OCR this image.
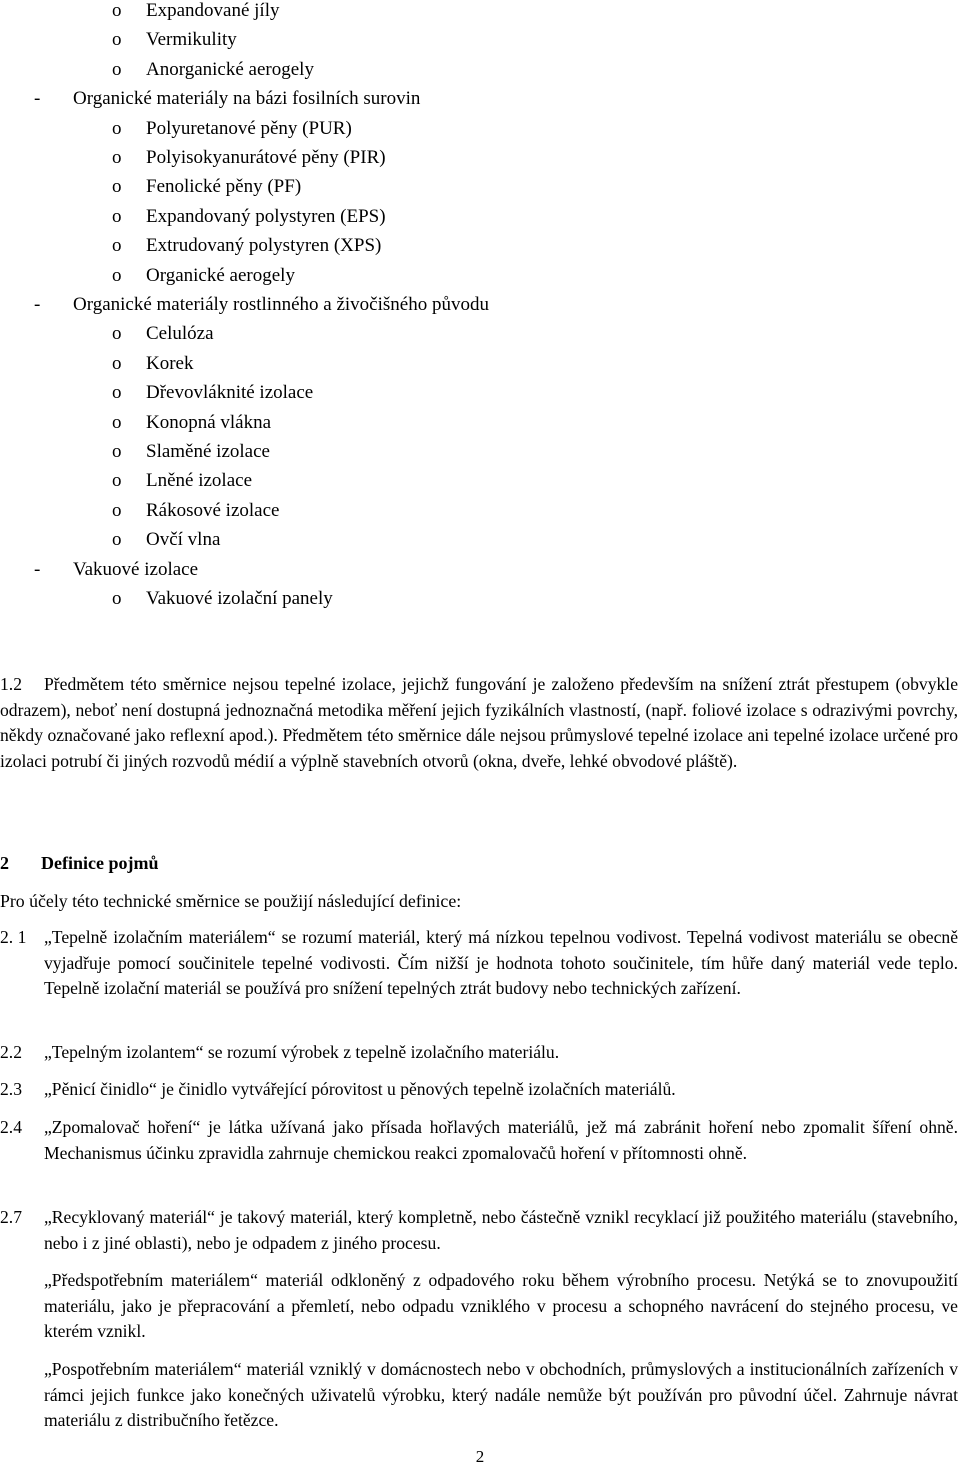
o Expandované jíly
o Vermikulity
o Anorganické aerogely
- Organické materiály na bázi fosilních surovin
o Polyuretanové pěny (PUR)
o Polyisokyanurátové pěny (PIR)
o Fenolické pěny (PF)
o Expandovaný polystyren (EPS)
o Extrudovaný polystyren (XPS)
o Organické aerogely
- Organické materiály rostlinného a živočišného původu
o Celulóza
o Korek
o Dřevovláknité izolace
o Konopná vlákna
o Slaměné izolace
o Lněné izolace
o Rákosové izolace
o Ovčí vlna
- Vakuové izolace
o Vakuové izolační panely
1.2	Předmětem této směrnice nejsou tepelné izolace, jejichž fungování je založeno především na snížení ztrát přestupem (obvykle odrazem), neboť není dostupná jednoznačná metodika měření jejich fyzikálních vlastností, (např. foliové izolace s odrazivými povrchy, někdy označované jako reflexní apod.). Předmětem této směrnice dále nejsou průmyslové tepelné izolace ani tepelné izolace určené pro izolaci potrubí či jiných rozvodů médií a výplně stavebních otvorů (okna, dveře, lehké obvodové pláště).

2 Definice pojmů
Pro účely této technické směrnice se použijí následující definice:
2. 1 „Tepelně izolačním materiálem“ se rozumí materiál, který má nízkou tepelnou vodivost. Tepelná vodivost materiálu se obecně vyjadřuje pomocí součinitele tepelné vodivosti. Čím nižší je hodnota tohoto součinitele, tím hůře daný materiál vede teplo. Tepelně izolační materiál se používá pro snížení tepelných ztrát budovy nebo technických zařízení.

2.2 „Tepelným izolantem“ se rozumí výrobek z tepelně izolačního materiálu.

2.3 „Pěnicí činidlo“ je činidlo vytvářející pórovitost u pěnových tepelně izolačních materiálů.

2.4 „Zpomalovač hoření“ je látka užívaná jako přísada hořlavých materiálů, jež má zabránit hoření nebo zpomalit šíření ohně. Mechanismus účinku zpravidla zahrnuje chemickou reakci zpomalovačů hoření v přítomnosti ohně.

2.7 „Recyklovaný materiál“ je takový materiál, který kompletně, nebo částečně vznikl recyklací již použitého materiálu (stavebního, nebo i z jiné oblasti), nebo je odpadem z jiného procesu.

„Předspotřebním materiálem“ materiál odkloněný z odpadového roku během výrobního procesu. Netýká se to znovupoužití materiálu, jako je přepracování a přemletí, nebo odpadu vzniklého v procesu a schopného navrácení do stejného procesu, ve kterém vznikl.

„Pospotřebním materiálem“ materiál vzniklý v domácnostech nebo v obchodních, průmyslových a institucionálních zařízeních v rámci jejich funkce jako konečných uživatelů výrobku, který nadále nemůže být používán pro původní účel. Zahrnuje návrat materiálu z distribučního řetězce.

2
